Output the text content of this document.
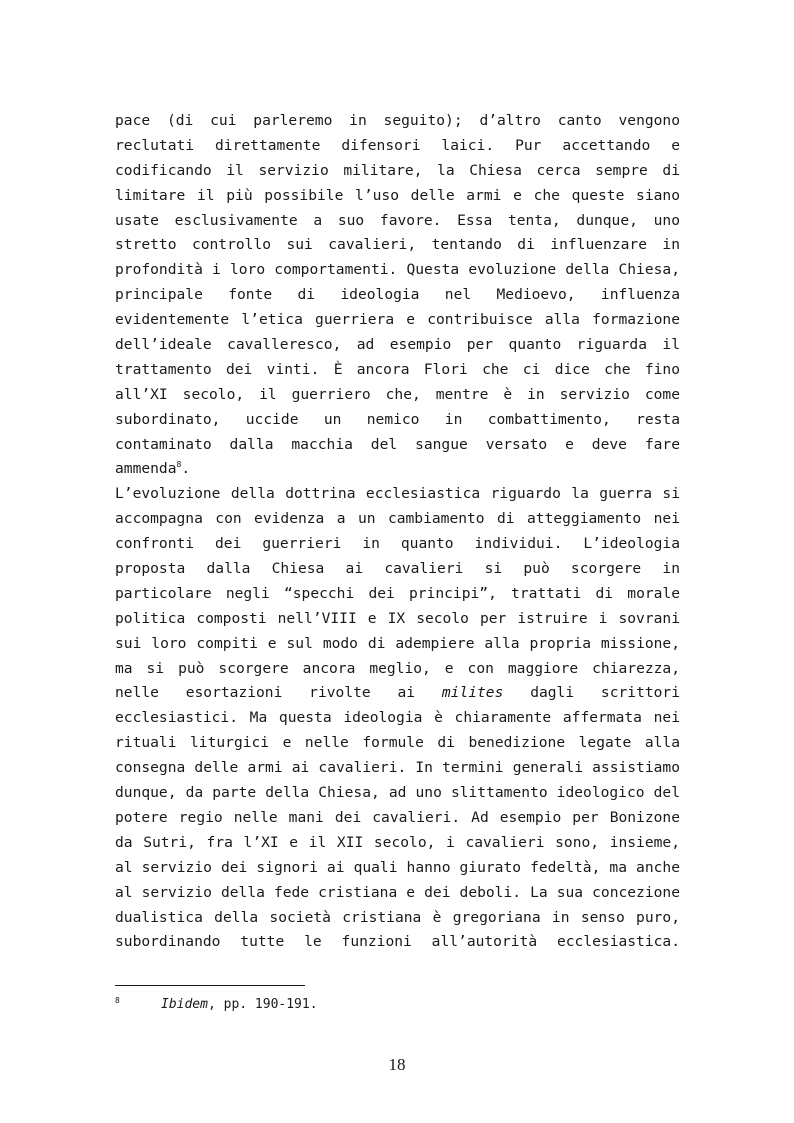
pace (di cui parleremo in seguito); d’altro canto vengono
reclutati direttamente difensori laici. Pur accettando e
codificando il servizio militare, la Chiesa cerca sempre di
limitare il più possibile l’uso delle armi e che queste siano
usate esclusivamente a suo favore. Essa tenta, dunque, uno
stretto controllo sui cavalieri, tentando di influenzare in
profondità i loro comportamenti. Questa evoluzione della Chiesa,
principale fonte di ideologia nel Medioevo, influenza
evidentemente l’etica guerriera e contribuisce alla formazione
dell’ideale cavalleresco, ad esempio per quanto riguarda il
trattamento dei vinti. È ancora Flori che ci dice che fino
all’XI secolo, il guerriero che, mentre è in servizio come
subordinato, uccide un nemico in combattimento, resta
contaminato dalla macchia del sangue versato e deve fare
ammenda$^8$.
L’evoluzione della dottrina ecclesiastica riguardo la guerra si
accompagna con evidenza a un cambiamento di atteggiamento nei
confronti dei guerrieri in quanto individui. L’ideologia
proposta dalla Chiesa ai cavalieri si può scorgere in
particolare negli “specchi dei principi”, trattati di morale
politica composti nell’VIII e IX secolo per istruire i sovrani
sui loro compiti e sul modo di adempiere alla propria missione,
ma si può scorgere ancora meglio, e con maggiore chiarezza,
nelle esortazioni rivolte ai milites dagli scrittori
ecclesiastici. Ma questa ideologia è chiaramente affermata nei
rituali liturgici e nelle formule di benedizione legate alla
consegna delle armi ai cavalieri. In termini generali assistiamo
dunque, da parte della Chiesa, ad uno slittamento ideologico del
potere regio nelle mani dei cavalieri. Ad esempio per Bonizone
da Sutri, fra l’XI e il XII secolo, i cavalieri sono, insieme,
al servizio dei signori ai quali hanno giurato fedeltà, ma anche
al servizio della fede cristiana e dei deboli. La sua concezione
dualistica della società cristiana è gregoriana in senso puro,
subordinando tutte le funzioni all’autorità ecclesiastica.
8	Ibidem, pp. 190-191.
18
